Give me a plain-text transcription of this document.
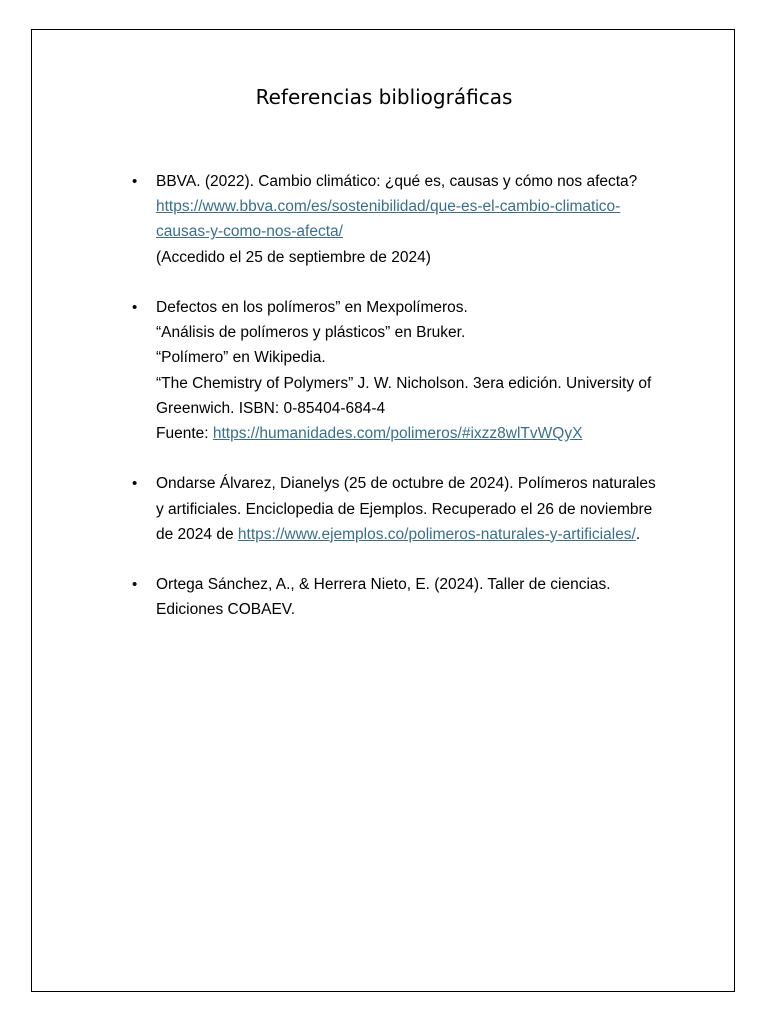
Referencias bibliográficas
• BBVA. (2022). Cambio climático: ¿qué es, causas y cómo nos afecta?
https://www.bbva.com/es/sostenibilidad/que-es-el-cambio-climatico-
causas-y-como-nos-afecta/
(Accedido el 25 de septiembre de 2024)
• Defectos en los polímeros” en Mexpolímeros.
“Análisis de polímeros y plásticos” en Bruker.
“Polímero” en Wikipedia.
“The Chemistry of Polymers” J. W. Nicholson. 3era edición. University of
Greenwich. ISBN: 0-85404-684-4
Fuente: https://humanidades.com/polimeros/#ixzz8wlTvWQyX
• Ondarse Álvarez, Dianelys (25 de octubre de 2024). Polímeros naturales
y artificiales. Enciclopedia de Ejemplos. Recuperado el 26 de noviembre
de 2024 de https://www.ejemplos.co/polimeros-naturales-y-artificiales/.
• Ortega Sánchez, A., & Herrera Nieto, E. (2024). Taller de ciencias.
Ediciones COBAEV.
